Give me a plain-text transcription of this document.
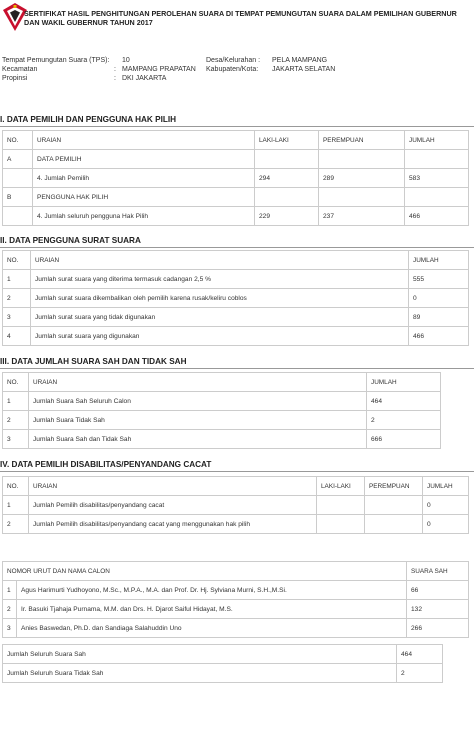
SERTIFIKAT HASIL PENGHITUNGAN PEROLEHAN SUARA DI TEMPAT PEMUNGUTAN SUARA DALAM PEMILIHAN GUBERNUR DAN WAKIL GUBERNUR TAHUN 2017
Tempat Pemungutan Suara (TPS): 10
Kecamatan	: MAMPANG PRAPATAN
Propinsi	: DKI JAKARTA
Desa/Kelurahan : PELA MAMPANG
Kabupaten/Kota: JAKARTA SELATAN
I. DATA PEMILIH DAN PENGGUNA HAK PILIH
NO.	URAIAN	LAKI-LAKI	PEREMPUAN	JUMLAH
A	DATA PEMILIH			
	4. Jumlah Pemilih	294	289	583
B	PENGGUNA HAK PILIH			
	4. Jumlah seluruh pengguna Hak Pilih	229	237	466
II. DATA PENGGUNA SURAT SUARA
NO.	URAIAN	JUMLAH
1	Jumlah surat suara yang diterima termasuk cadangan 2,5 %	555
2	Jumlah surat suara dikembalikan oleh pemilih karena rusak/keliru coblos	0
3	Jumlah surat suara yang tidak digunakan	89
4	Jumlah surat suara yang digunakan	466
III. DATA JUMLAH SUARA SAH DAN TIDAK SAH
NO.	URAIAN	JUMLAH
1	Jumlah Suara Sah Seluruh Calon	464
2	Jumlah Suara Tidak Sah	2
3	Jumlah Suara Sah dan Tidak Sah	666
IV. DATA PEMILIH DISABILITAS/PENYANDANG CACAT
NO.	URAIAN	LAKI-LAKI	PEREMPUAN	JUMLAH
1	Jumlah Pemilih disabilitas/penyandang cacat			0
2	Jumlah Pemilih disabilitas/penyandang cacat yang menggunakan hak pilih			0
NOMOR URUT DAN NAMA CALON		SUARA SAH
1	Agus Harimurti Yudhoyono, M.Sc., M.P.A., M.A. dan Prof. Dr. Hj. Sylviana Murni, S.H.,M.Si.	66
2	Ir. Basuki Tjahaja Purnama, M.M. dan Drs. H. Djarot Saiful Hidayat, M.S.	132
3	Anies Baswedan, Ph.D. dan Sandiaga Salahuddin Uno	266
Jumlah Seluruh Suara Sah	464
Jumlah Seluruh Suara Tidak Sah	2
